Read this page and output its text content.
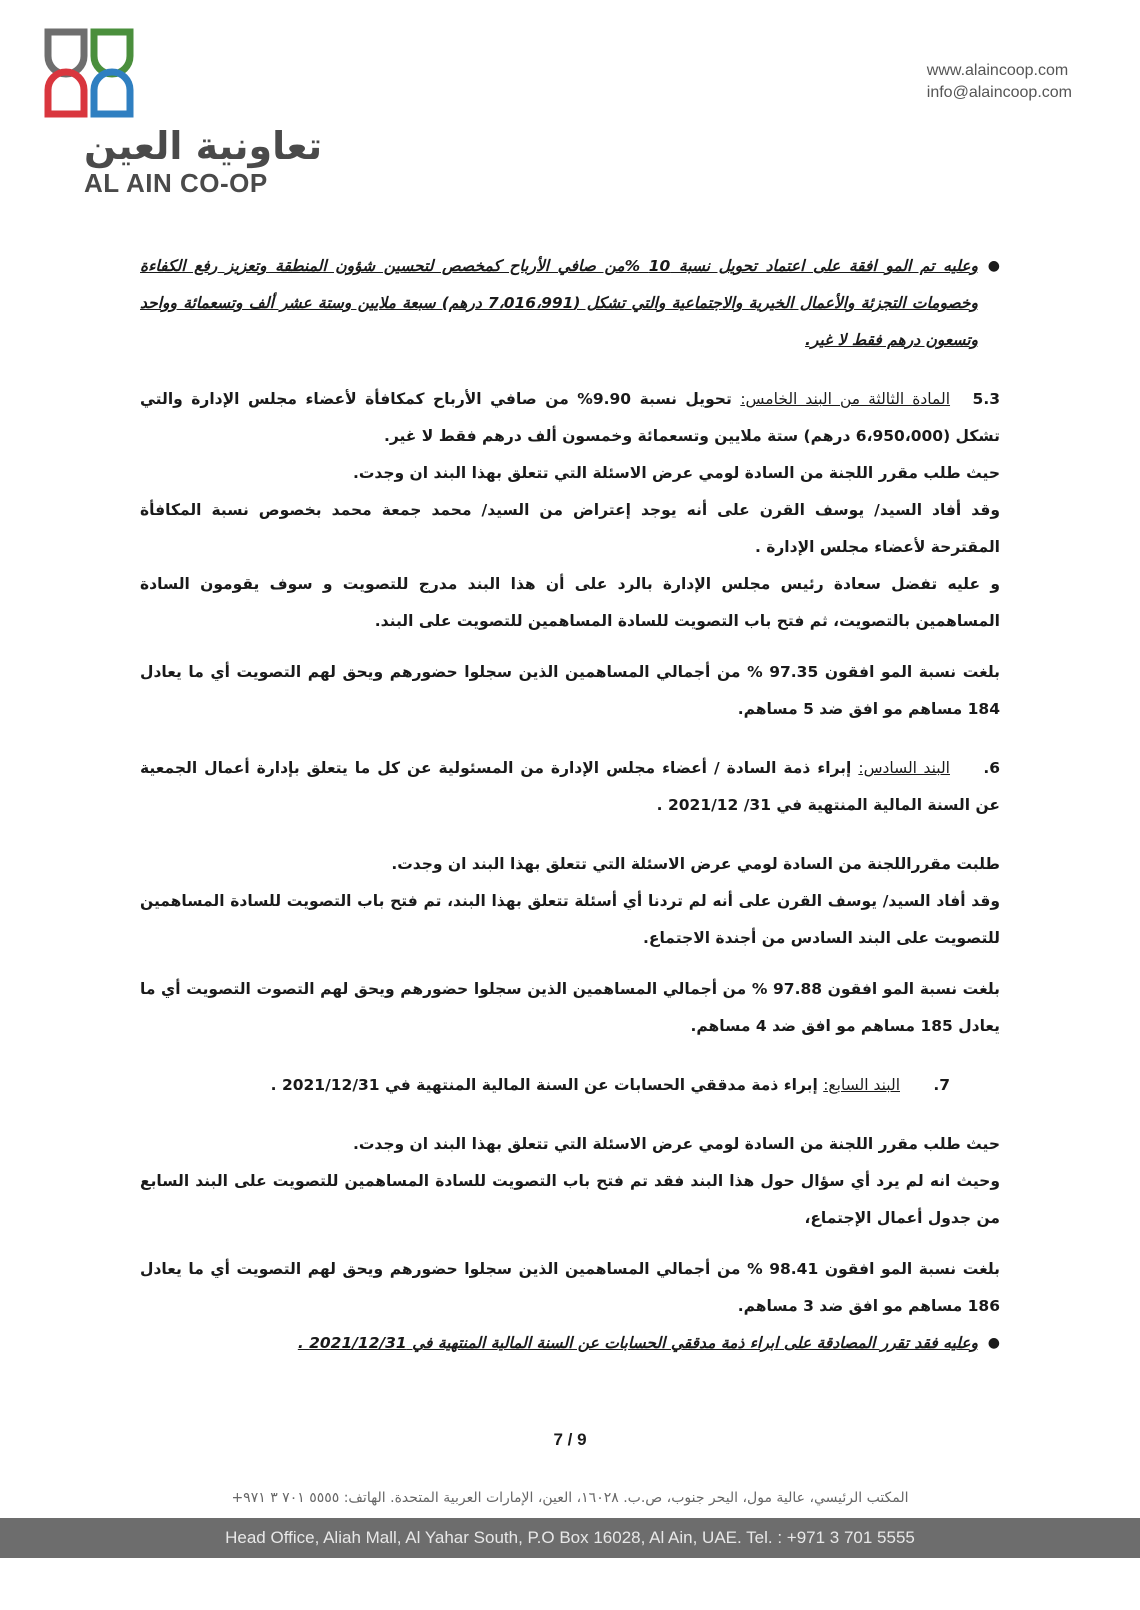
تعاونية العين
AL AIN CO-OP
www.alaincoop.com
info@alaincoop.com
●

وعليه تم المو افقة على اعتماد تحويل نسبة 10 %من صافي الأرباح كمخصص لتحسين شؤون المنطقة وتعزيز رفع الكفاءة وخصومات التجزئة والأعمال الخيرية والاجتماعية والتي تشكل (7،016،991 درهم) سبعة ملايين وستة عشر ألف وتسعمائة وواحد وتسعون درهم فقط لا غير.

5.3المادة الثالثة من البند الخامس: تحويل نسبة 9.90% من صافي الأرباح كمكافأة لأعضاء مجلس الإدارة والتي تشكل (6،950،000 درهم) ستة ملايين وتسعمائة وخمسون ألف درهم فقط لا غير.

حيث طلب مقرر اللجنة من السادة لومي عرض الاسئلة التي تتعلق بهذا البند ان وجدت.

وقد أفاد السيد/ يوسف القرن على أنه يوجد إعتراض من السيد/ محمد جمعة محمد بخصوص نسبة المكافأة المقترحة لأعضاء مجلس الإدارة .

و عليه تفضل سعادة رئيس مجلس الإدارة بالرد على أن هذا البند مدرج للتصويت و سوف يقومون السادة المساهمين بالتصويت، ثم فتح باب التصويت للسادة المساهمين للتصويت على البند.

بلغت نسبة المو افقون 97.35 % من أجمالي المساهمين الذين سجلوا حضورهم ويحق لهم التصويت أي ما يعادل 184 مساهم مو افق ضد 5 مساهم.

6.البند السادس: إبراء ذمة السادة / أعضاء مجلس الإدارة من المسئولية عن كل ما يتعلق بإدارة أعمال الجمعية عن السنة المالية المنتهية في 31/ 2021/12 .

طلبت مقرراللجنة من السادة لومي عرض الاسئلة التي تتعلق بهذا البند ان وجدت.

وقد أفاد السيد/ يوسف القرن على أنه لم تردنا أي أسئلة تتعلق بهذا البند، تم فتح باب التصويت للسادة المساهمين للتصويت على البند السادس من أجندة الاجتماع.

بلغت نسبة المو افقون 97.88 % من أجمالي المساهمين الذين سجلوا حضورهم ويحق لهم التصوت التصويت أي ما يعادل 185 مساهم مو افق ضد 4 مساهم.

7.البند السابع: إبراء ذمة مدققي الحسابات عن السنة المالية المنتهية في 2021/12/31 .

حيث طلب مقرر اللجنة من السادة لومي عرض الاسئلة التي تتعلق بهذا البند ان وجدت.

وحيث انه لم يرد أي سؤال حول هذا البند فقد تم فتح باب التصويت للسادة المساهمين للتصويت على البند السابع من جدول أعمال الإجتماع،

بلغت نسبة المو افقون 98.41 % من أجمالي المساهمين الذين سجلوا حضورهم ويحق لهم التصويت أي ما يعادل 186 مساهم مو افق ضد 3 مساهم.

●

وعليه فقد تقرر المصادقة على ابراء ذمة مدققي الحسابات عن السنة المالية المنتهية في 2021/12/31 .

7 / 9
المكتب الرئيسي، عالية مول، اليحر جنوب، ص.ب. ١٦٠٢٨، العين، الإمارات العربية المتحدة. الهاتف: ٥٥٥٥ ٧٠١ ٣ ٩٧١+
Head Office, Aliah Mall, Al Yahar South, P.O Box 16028, Al Ain, UAE. Tel. : +971 3 701 5555
